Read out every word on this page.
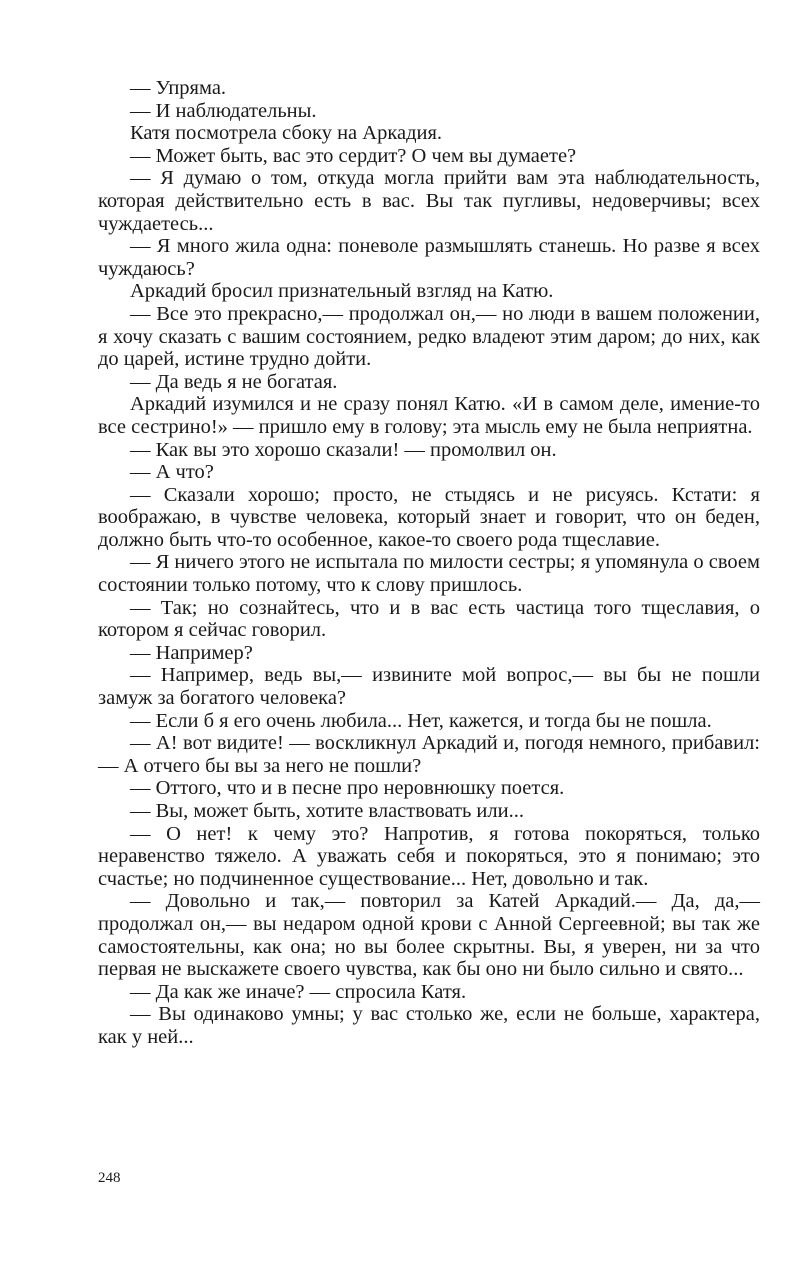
— Упряма.

— И наблюдательны.

Катя посмотрела сбоку на Аркадия.

— Может быть, вас это сердит? О чем вы думаете?

— Я думаю о том, откуда могла прийти вам эта наблюдательность, которая действительно есть в вас. Вы так пугливы, недоверчивы; всех чуждаетесь...

— Я много жила одна: поневоле размышлять станешь. Но разве я всех чуждаюсь?

Аркадий бросил признательный взгляд на Катю.

— Все это прекрасно,— продолжал он,— но люди в вашем положении, я хочу сказать с вашим состоянием, редко владеют этим даром; до них, как до царей, истине трудно дойти.

— Да ведь я не богатая.

Аркадий изумился и не сразу понял Катю. «И в самом деле, имение-то все сестрино!» — пришло ему в голову; эта мысль ему не была неприятна.

— Как вы это хорошо сказали! — промолвил он.

— А что?

— Сказали хорошо; просто, не стыдясь и не рисуясь. Кстати: я воображаю, в чувстве человека, который знает и говорит, что он беден, должно быть что-то особенное, какое-то своего рода тщеславие.

— Я ничего этого не испытала по милости сестры; я упомянула о своем состоянии только потому, что к слову пришлось.

— Так; но сознайтесь, что и в вас есть частица того тщеславия, о котором я сейчас говорил.

— Например?

— Например, ведь вы,— извините мой вопрос,— вы бы не пошли замуж за богатого человека?

— Если б я его очень любила... Нет, кажется, и тогда бы не пошла.

— А! вот видите! — воскликнул Аркадий и, погодя немного, прибавил: — А отчего бы вы за него не пошли?

— Оттого, что и в песне про неровнюшку поется.

— Вы, может быть, хотите властвовать или...

— О нет! к чему это? Напротив, я готова покоряться, только неравенство тяжело. А уважать себя и покоряться, это я понимаю; это счастье; но подчиненное существование... Нет, довольно и так.

— Довольно и так,— повторил за Катей Аркадий.— Да, да,— продолжал он,— вы недаром одной крови с Анной Сергеевной; вы так же самостоятельны, как она; но вы более скрытны. Вы, я уверен, ни за что первая не выскажете своего чувства, как бы оно ни было сильно и свято...

— Да как же иначе? — спросила Катя.

— Вы одинаково умны; у вас столько же, если не больше, характера, как у ней...

248
